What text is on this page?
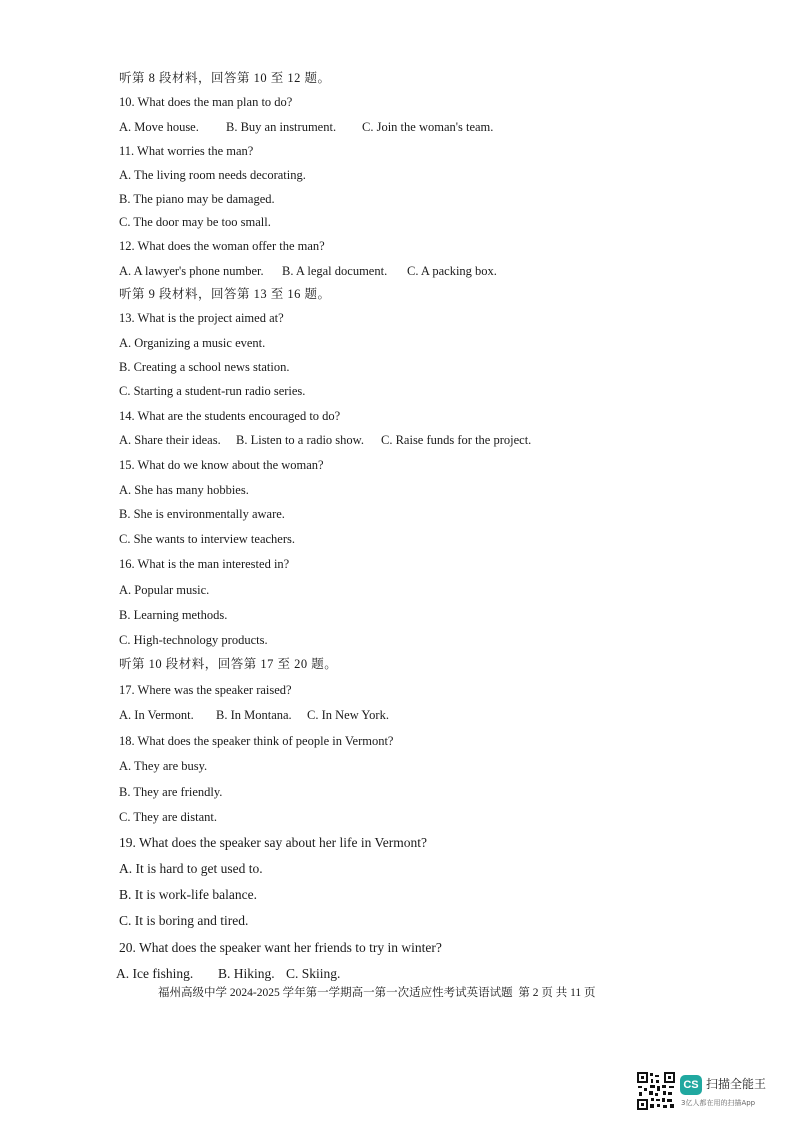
听第 8 段材料，回答第 10 至 12 题。
10. What does the man plan to do?

A. Move house.

B. Buy an instrument.

C. Join the woman's team.

11. What worries the man?
A. The living room needs decorating.
B. The piano may be damaged.
C. The door may be too small.
12. What does the woman offer the man?

A. A lawyer's phone number.

B. A legal document.

C. A packing box.

听第 9 段材料，回答第 13 至 16 题。
13. What is the project aimed at?
A. Organizing a music event.
B. Creating a school news station.
C. Starting a student-run radio series.
14. What are the students encouraged to do?

A. Share their ideas.

B. Listen to a radio show.

C. Raise funds for the project.

15. What do we know about the woman?
A. She has many hobbies.
B. She is environmentally aware.
C. She wants to interview teachers.
16. What is the man interested in?
A. Popular music.
B. Learning methods.
C. High-technology products.
听第 10 段材料，回答第 17 至 20 题。
17. Where was the speaker raised?

A. In Vermont.

B. In Montana.

C. In New York.

18. What does the speaker think of people in Vermont?
A. They are busy.
B. They are friendly.
C. They are distant.
19. What does the speaker say about her life in Vermont?
A. It is hard to get used to.
B. It is work-life balance.
C. It is boring and tired.
20. What does the speaker want her friends to try in winter?

A. Ice fishing.

B. Hiking.

C. Skiing.

福州高级中学 2024-2025 学年第一学期高一第一次适应性考试英语试题  第 2 页 共 11 页
CS 扫描全能王
3亿人都在用的扫描App
